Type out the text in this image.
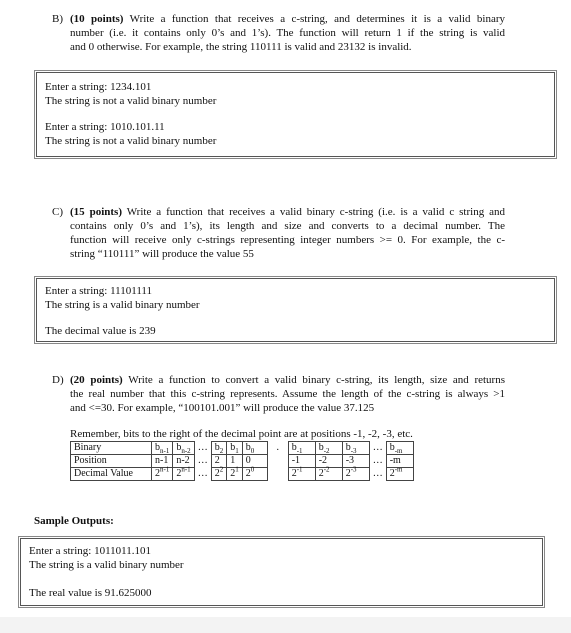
B) (10 points) Write a function that receives a c-string, and determines it is a valid binary
number (i.e. it contains only 0’s and 1’s). The function will return 1 if the string is valid
and 0 otherwise. For example, the string 110111 is valid and 23132 is invalid.
Enter a string: 1234.101
The string is not a valid binary number
Enter a string: 1010.101.11
The string is not a valid binary number
C) (15 points) Write a function that receives a valid binary c-string (i.e. is a valid c string and
contains only 0’s and 1’s), its length and size and converts to a decimal number. The
function will receive only c-strings representing integer numbers >= 0. For example, the c-
string “110111” will produce the value 55
Enter a string: 11101111
The string is a valid binary number
The decimal value is 239
D) (20 points) Write a function to convert a valid binary c-string, its length, size and returns
the real number that this c-string represents. Assume the length of the c-string is always >1
and <=30. For example, “100101.001” will produce the value 37.125
Remember, bits to the right of the decimal point are at positions -1, -2, -3, etc.
Binary	$b_{n-1}$	$b_{n-2}$	…	$b_2$	$b_1$	$b_0$	.	$b_{-1}$	$b_{-2}$	$b_{-3}$	…	$b_{-m}$
Position	n-1	n-2	…	2	1	0		-1	-2	-3	…	-m
Decimal Value	2$^{n-1}$	2$^{n-1}$	…	$2^2$	$2^1$	$2^0$		$2^{-1}$	$2^{-2}$	$2^{-3}$	…	$2^{-m}$
Sample Outputs:
Enter a string: 1011011.101
The string is a valid binary number
The real value is 91.625000
